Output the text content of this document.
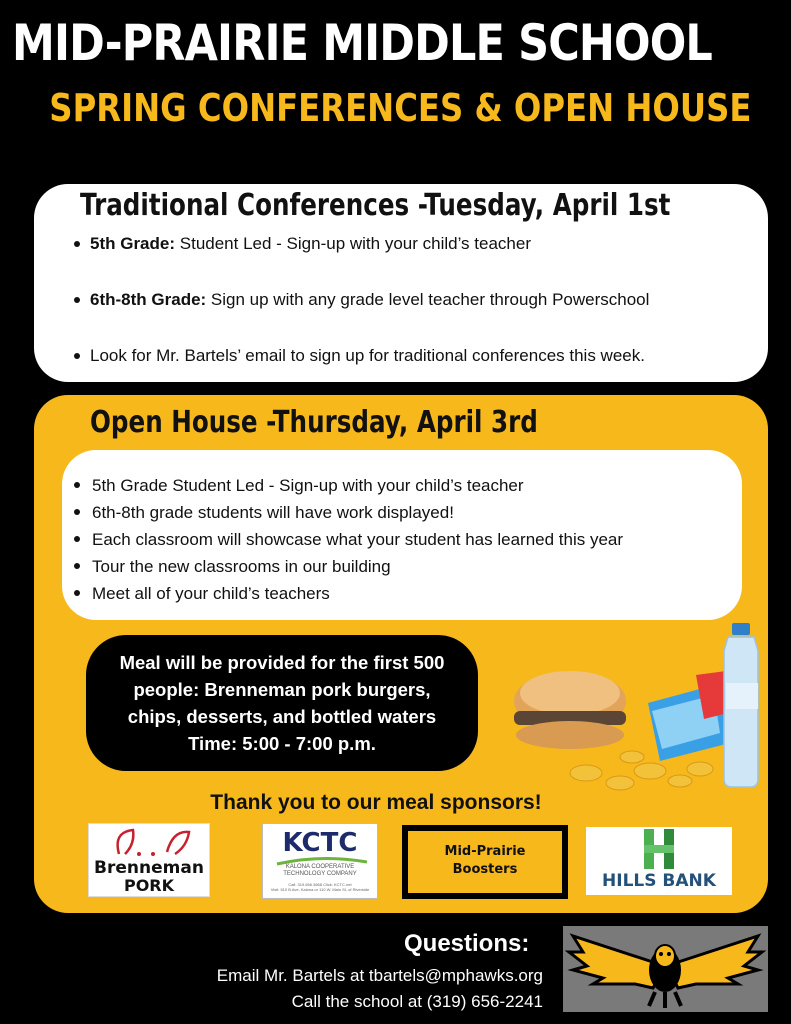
MID-PRAIRIE MIDDLE SCHOOL
SPRING CONFERENCES & OPEN HOUSE
Traditional Conferences -Tuesday, April 1st
5th Grade: Student Led - Sign-up with your child’s teacher
6th-8th Grade: Sign up with any grade level teacher through Powerschool
Look for Mr. Bartels’ email to sign up for traditional conferences this week.
Open House -Thursday, April 3rd
5th Grade Student Led - Sign-up with your child’s teacher
6th-8th grade students will have work displayed!
Each classroom will showcase what your student has learned this year
Tour the new classrooms in our building
Meet all of your child’s teachers
Meal will be provided for the first 500
people: Brenneman pork burgers,
chips, desserts, and bottled waters
Time: 5:00 - 7:00 p.m.
Thank you to our meal sponsors!
Brenneman
PORK
KCTC
KALONA COOPERATIVE
TECHNOLOGY COMPANY
Call: 319.656.3668 Click: KCTC.net
Visit: 510 B Ave, Kalona or 110 W. Main St, of Riverside
Mid-Prairie
Boosters
HILLS BANK
Questions:
Email Mr. Bartels at tbartels@mphawks.org
Call the school at (319) 656-2241
